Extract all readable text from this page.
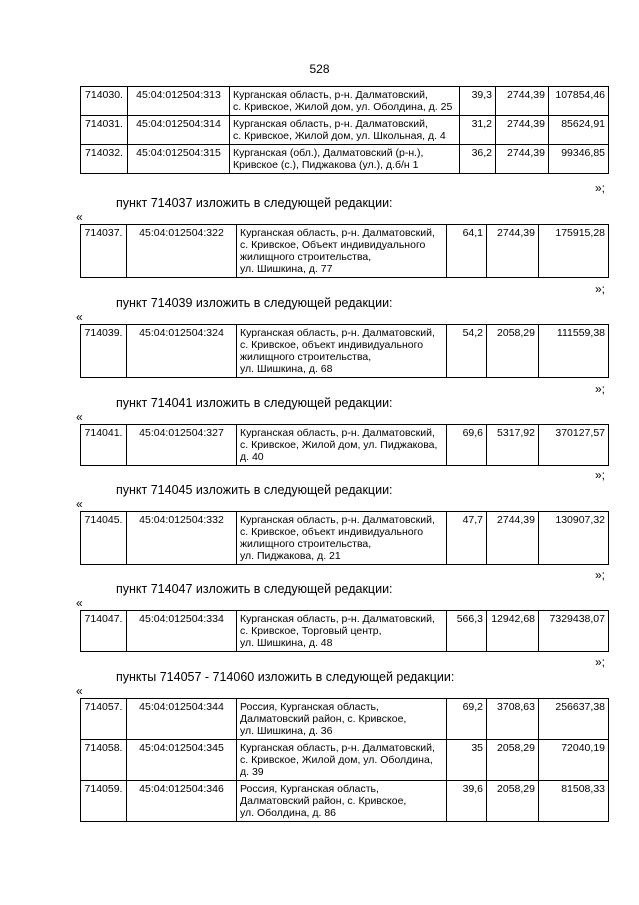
528
714030.	45:04:012504:313	Курганская область, р-н. Далматовский,
с. Кривское, Жилой дом, ул. Оболдина, д. 25	39,3	2744,39	107854,46
714031.	45:04:012504:314	Курганская область, р-н. Далматовский,
с. Кривское, Жилой дом, ул. Школьная, д. 4	31,2	2744,39	85624,91
714032.	45:04:012504:315	Курганская (обл.), Далматовский (р-н.),
Кривское (с.), Пиджакова (ул.), д.б/н 1	36,2	2744,39	99346,85
»;
пункт 714037 изложить в следующей редакции:
«
714037.	45:04:012504:322	Курганская область, р-н. Далматовский,
с. Кривское, Объект индивидуального
жилищного строительства,
ул. Шишкина, д. 77
	64,1	2744,39	175915,28
»;
пункт 714039 изложить в следующей редакции:
«
714039.	45:04:012504:324	Курганская область, р-н. Далматовский,
с. Кривское, объект индивидуального
жилищного строительства,
ул. Шишкина, д. 68
	54,2	2058,29	111559,38
»;
пункт 714041 изложить в следующей редакции:
«
714041.	45:04:012504:327	Курганская область, р-н. Далматовский,
с. Кривское, Жилой дом, ул. Пиджакова,
д. 40
	69,6	5317,92	370127,57
»;
пункт 714045 изложить в следующей редакции:
«
714045.	45:04:012504:332	Курганская область, р-н. Далматовский,
с. Кривское, объект индивидуального
жилищного строительства,
ул. Пиджакова, д. 21
	47,7	2744,39	130907,32
»;
пункт 714047 изложить в следующей редакции:
«
714047.	45:04:012504:334	Курганская область, р-н. Далматовский,
с. Кривское, Торговый центр,
ул. Шишкина, д. 48
	566,3	12942,68	7329438,07
»;
пункты 714057 - 714060 изложить в следующей редакции:
«
714057.	45:04:012504:344	Россия, Курганская область,
Далматовский район, с. Кривское,
ул. Шишкина, д. 36	69,2	3708,63	256637,38
714058.	45:04:012504:345	Курганская область, р-н. Далматовский,
с. Кривское, Жилой дом, ул. Оболдина,
д. 39	35	2058,29	72040,19
714059.	45:04:012504:346	Россия, Курганская область,
Далматовский район, с. Кривское,
ул. Оболдина, д. 86	39,6	2058,29	81508,33
